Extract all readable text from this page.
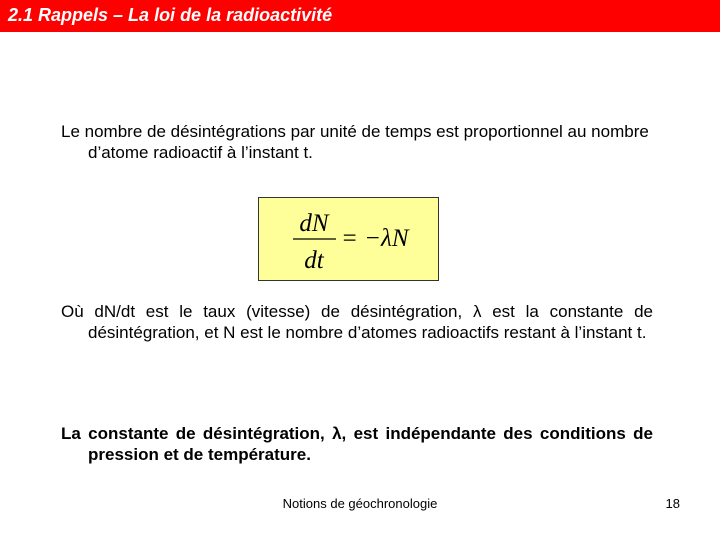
2.1 Rappels – La loi de la radioactivité
Le nombre de désintégrations par unité de temps est proportionnel au nombre d’atome radioactif à l’instant t.
dN
dt
= −λN
Où dN/dt est le taux (vitesse) de désintégration, λ est la constante de désintégration, et N est le nombre d’atomes radioactifs restant à l’instant t.
La constante de désintégration, λ, est indépendante des conditions de pression et de température.
Notions de géochronologie	18
